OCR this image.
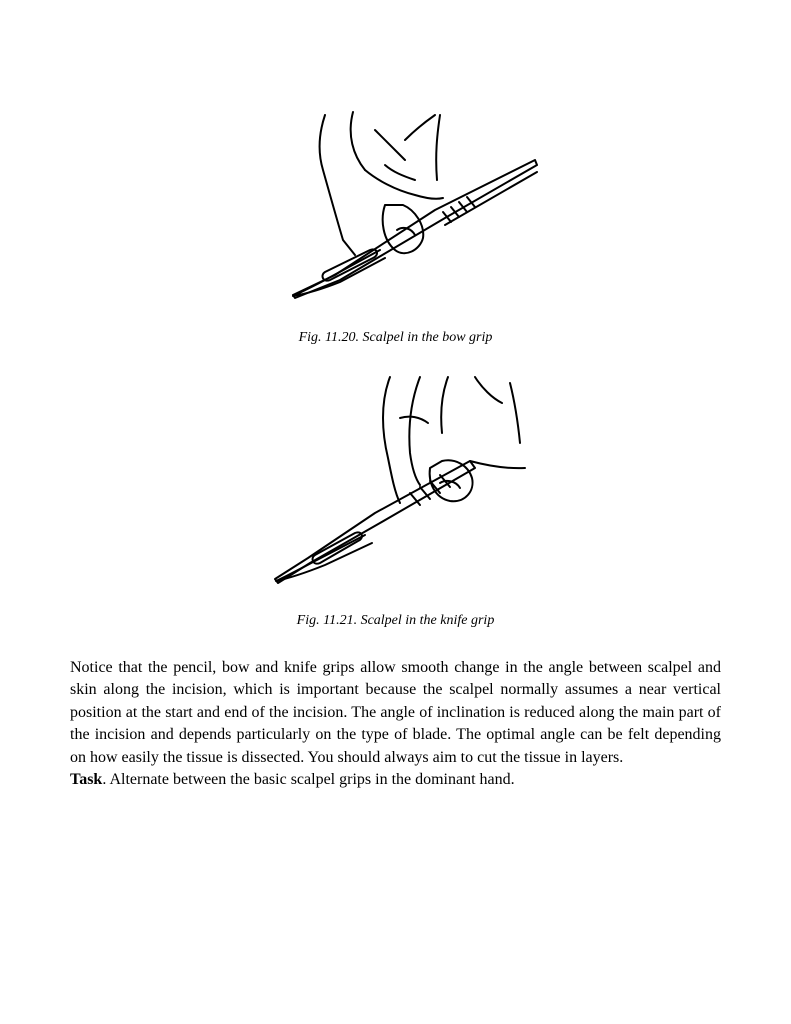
Fig. 11.20. Scalpel in the bow grip
Fig. 11.21. Scalpel in the knife grip

Notice that the pencil, bow and knife grips allow smooth change in the angle between scalpel and skin along the incision, which is important because the scalpel normally assumes a near vertical position at the start and end of the incision. The angle of inclination is reduced along the main part of the incision and depends particularly on the type of blade. The optimal angle can be felt depending on how easily the tissue is dissected. You should always aim to cut the tissue in layers.

Task. Alternate between the basic scalpel grips in the dominant hand.
